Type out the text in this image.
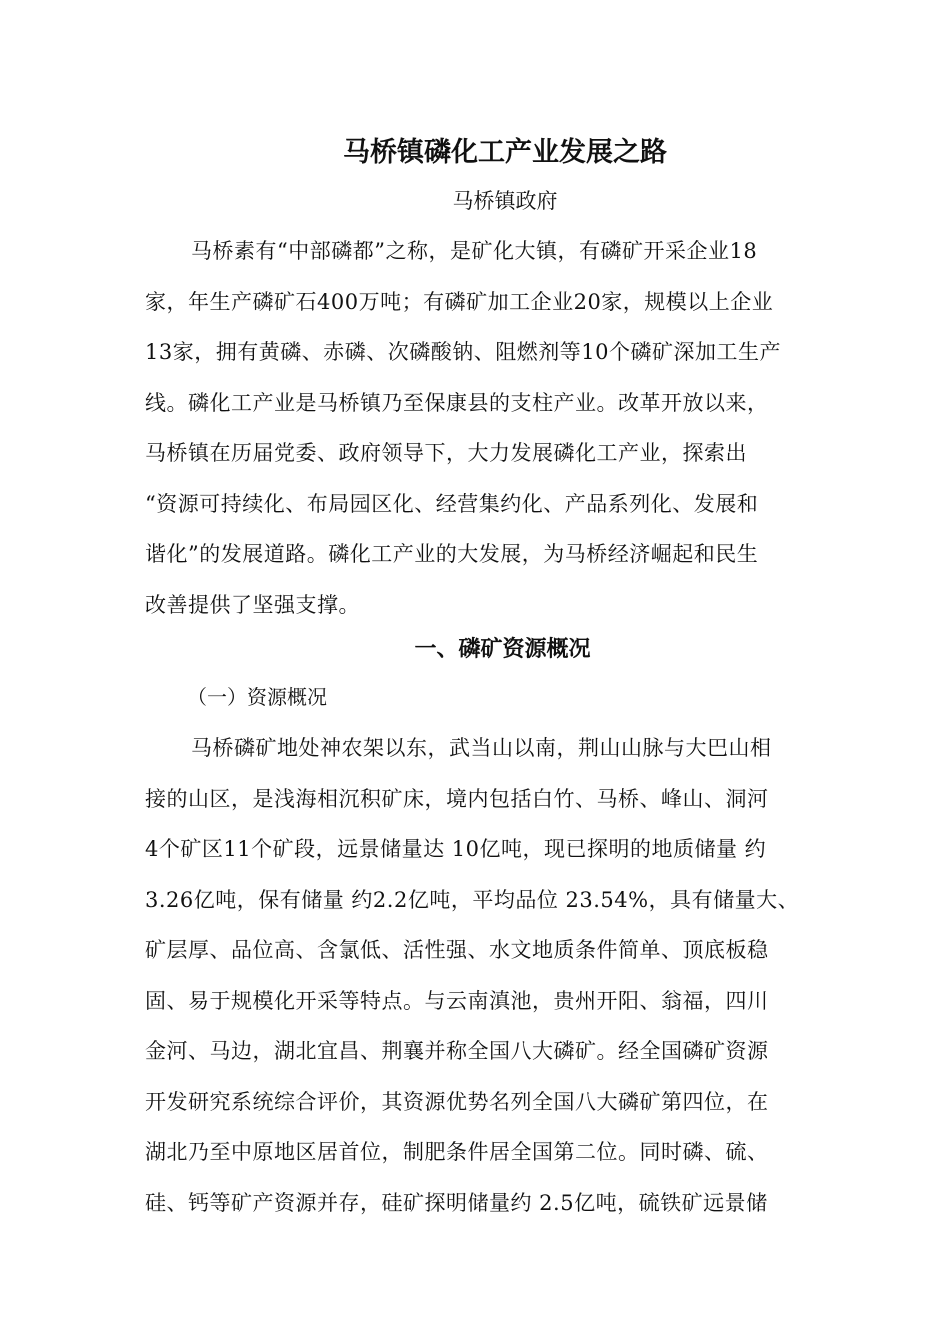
马桥镇磷化工产业发展之路
马桥镇政府
马桥素有“中部磷都”之称，是矿化大镇，有磷矿开采企业18
家，年生产磷矿石400万吨；有磷矿加工企业20家，规模以上企业
13家，拥有黄磷、赤磷、次磷酸钠、阻燃剂等10个磷矿深加工生产
线。磷化工产业是马桥镇乃至保康县的支柱产业。改革开放以来，
马桥镇在历届党委、政府领导下，大力发展磷化工产业，探索出
“资源可持续化、布局园区化、经营集约化、产品系列化、发展和
谐化”的发展道路。磷化工产业的大发展，为马桥经济崛起和民生
改善提供了坚强支撑。
一、磷矿资源概况
（一）资源概况
马桥磷矿地处神农架以东，武当山以南，荆山山脉与大巴山相
接的山区，是浅海相沉积矿床，境内包括白竹、马桥、峰山、洞河
4个矿区11个矿段，远景储量达 10亿吨，现已探明的地质储量 约
3.26亿吨，保有储量 约2.2亿吨，平均品位 23.54%，具有储量大、
矿层厚、品位高、含氯低、活性强、水文地质条件简单、顶底板稳
固、易于规模化开采等特点。与云南滇池，贵州开阳、翁福，四川
金河、马边，湖北宜昌、荆襄并称全国八大磷矿。经全国磷矿资源
开发研究系统综合评价，其资源优势名列全国八大磷矿第四位，在
湖北乃至中原地区居首位，制肥条件居全国第二位。同时磷、硫、
硅、钙等矿产资源并存，硅矿探明储量约 2.5亿吨，硫铁矿远景储
